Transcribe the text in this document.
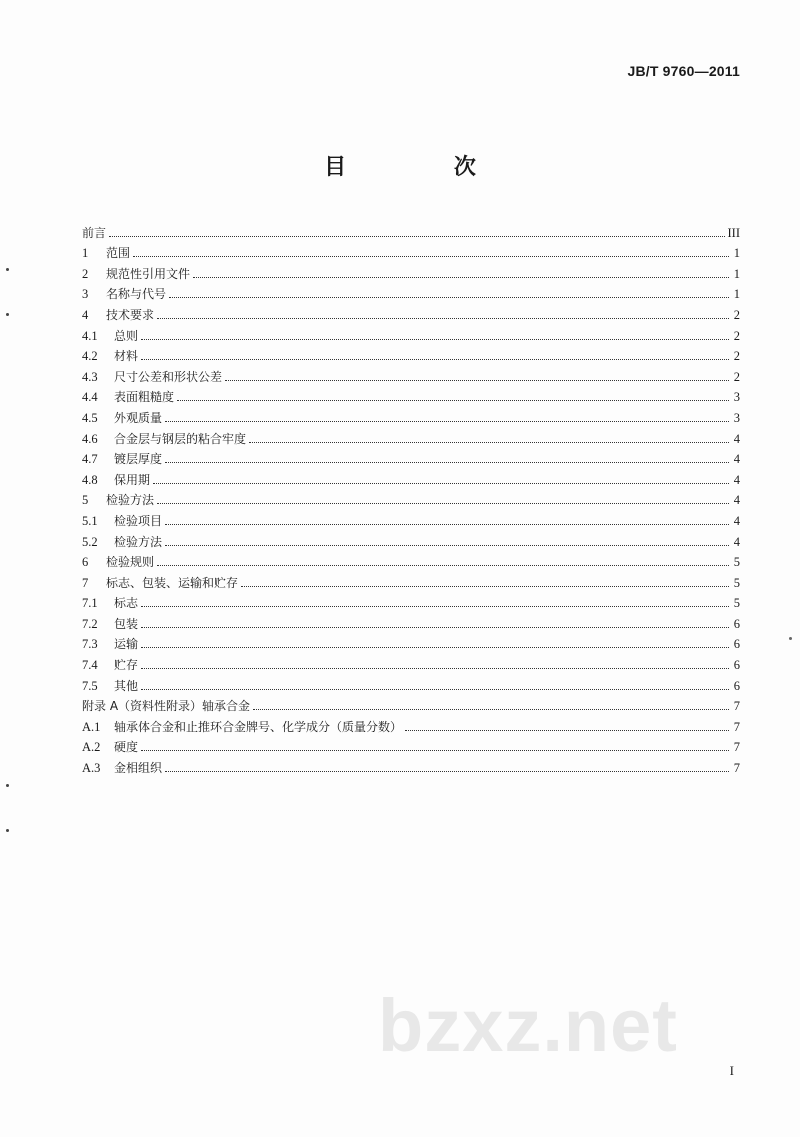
JB/T 9760—2011
目 次
前言	III
1	范围	1
2	规范性引用文件	1
3	名称与代号	1
4	技术要求	2
4.1	总则	2
4.2	材料	2
4.3	尺寸公差和形状公差	2
4.4	表面粗糙度	3
4.5	外观质量	3
4.6	合金层与钢层的粘合牢度	4
4.7	镀层厚度	4
4.8	保用期	4
5	检验方法	4
5.1	检验项目	4
5.2	检验方法	4
6	检验规则	5
7	标志、包装、运输和贮存	5
7.1	标志	5
7.2	包装	6
7.3	运输	6
7.4	贮存	6
7.5	其他	6
附录 A（资料性附录）轴承合金	7
A.1	轴承体合金和止推环合金牌号、化学成分（质量分数）	7
A.2	硬度	7
A.3	金相组织	7
bzxz.net
I
